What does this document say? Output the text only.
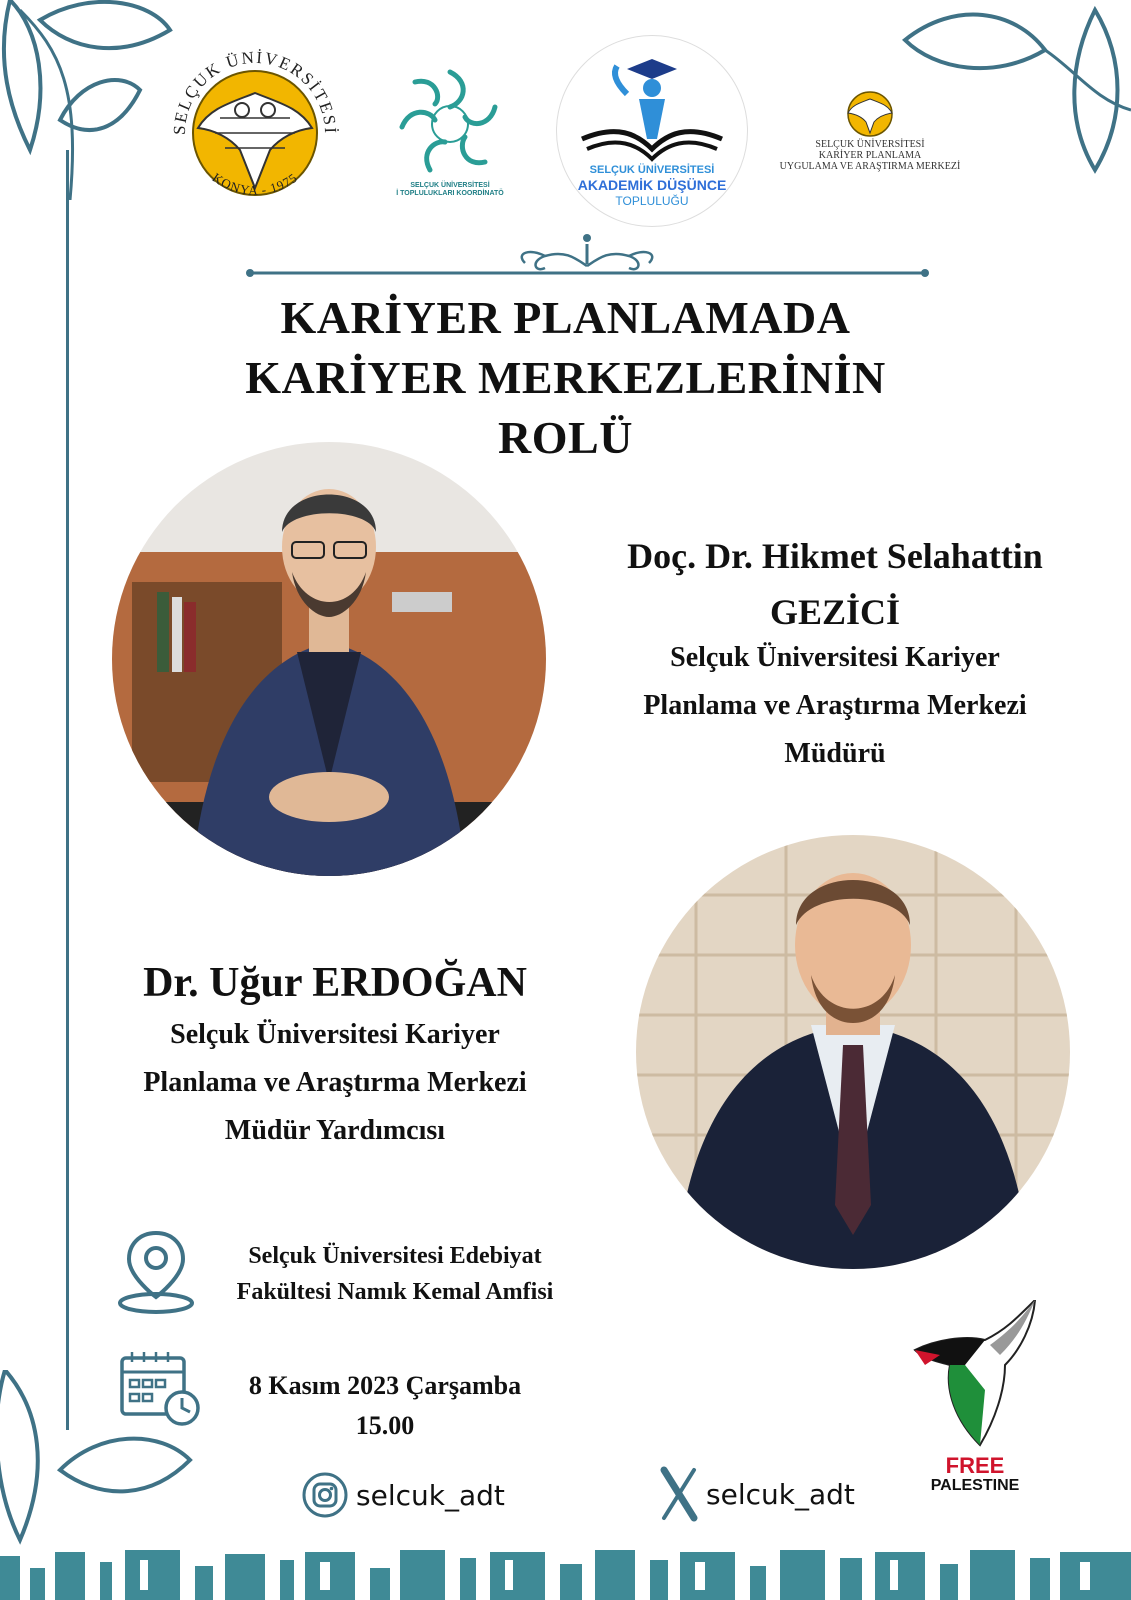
SELÇUK ÜNİVERSİTESİ
KONYA - 1975	SELÇUK ÜNİVERSİTESİ
İ TOPLULUKLARI KOORDİNATÖ
SELÇUK ÜNİVERSİTESİ
AKADEMİK DÜŞÜNCE
TOPLULUĞU
SELÇUK ÜNİVERSİTESİ
KARİYER PLANLAMA
UYGULAMA VE ARAŞTIRMA MERKEZİ
KARİYER PLANLAMADA
KARİYER MERKEZLERİNİN
ROLÜ
Doç. Dr. Hikmet Selahattin
GEZİCİ
Selçuk Üniversitesi Kariyer
Planlama ve Araştırma Merkezi
Müdürü
Dr. Uğur ERDOĞAN
Selçuk Üniversitesi Kariyer
Planlama ve Araştırma Merkezi
Müdür Yardımcısı
Selçuk Üniversitesi Edebiyat
Fakültesi Namık Kemal Amfisi
8 Kasım 2023 Çarşamba
15.00
FREE
PALESTINE
selcuk_adt	selcuk_adt
